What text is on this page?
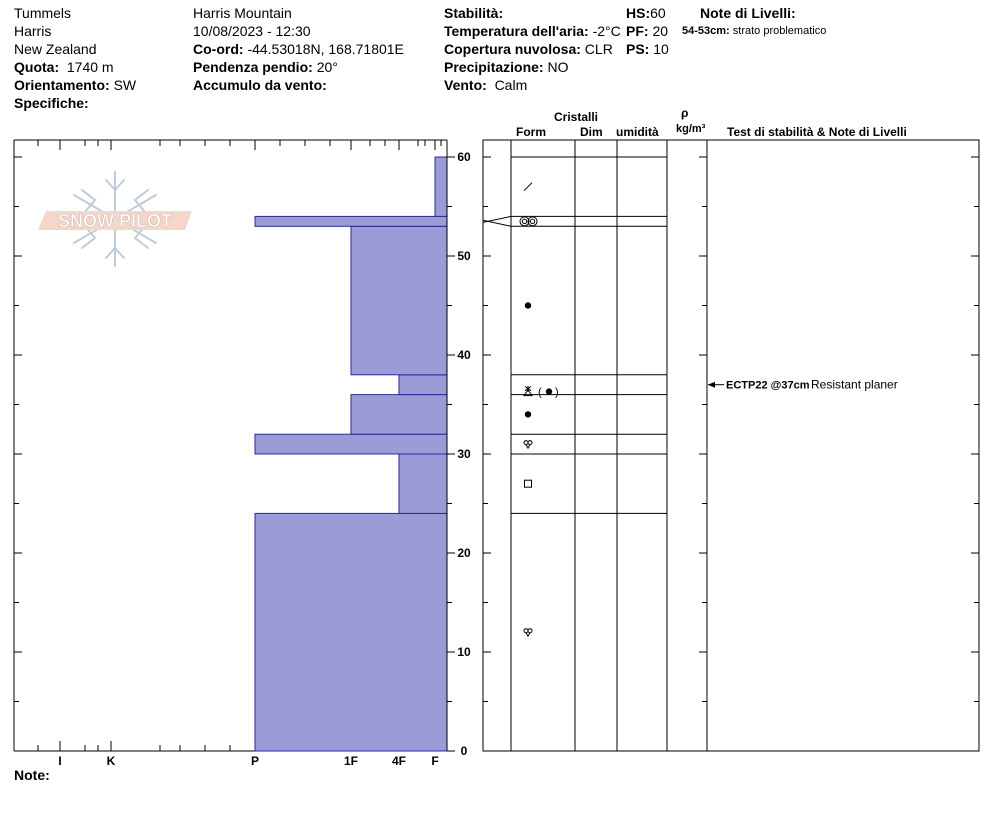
Tummels
Harris
New Zealand
Quota: 1740 m
Orientamento: SW
Specifiche:
Harris Mountain
10/08/2023 - 12:30
Co-ord: -44.53018N, 168.71801E
Pendenza pendio: 20°
Accumulo da vento:
Stabilità:
Temperatura dell'aria: -2°C
Copertura nuvolosa: CLR
Precipitazione: NO
Vento: Calm
HS:60
PF: 20
PS: 10
Note di Livelli:
54-53cm: strato problematico
Cristalli
Form	Dim umidità
ρ
kg/m³ Test di stabilità & Note di Livelli
Note:
SNOW PILOT
F
4F
1F
P
K
I
0
10
20
30
40
50
60
( )
ECTP22 @37cm Resistant planer
